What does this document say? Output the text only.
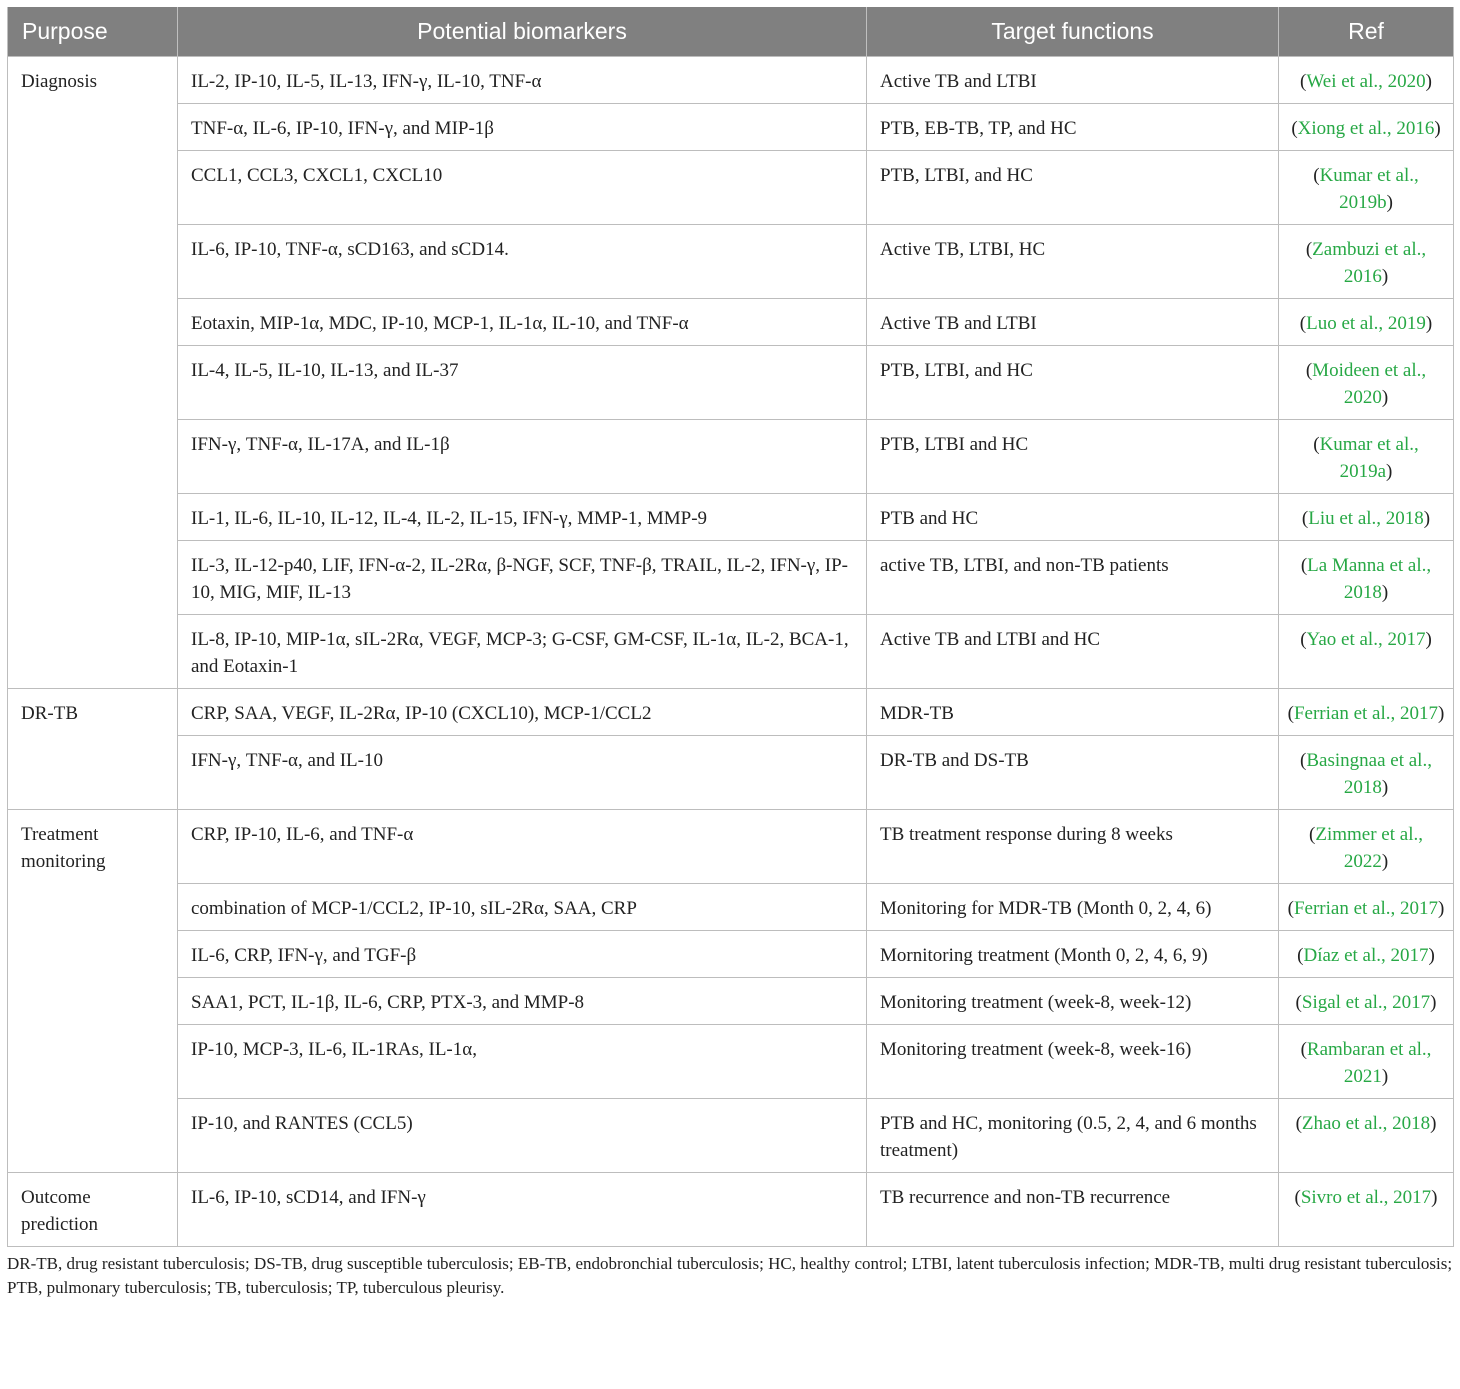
Purpose	Potential biomarkers	Target functions	Ref
Diagnosis	IL-2, IP-10, IL-5, IL-13, IFN-γ, IL-10, TNF-α	Active TB and LTBI	(Wei et al., 2020)
	TNF-α, IL-6, IP-10, IFN-γ, and MIP-1β	PTB, EB-TB, TP, and HC	(Xiong et al., 2016)
	CCL1, CCL3, CXCL1, CXCL10	PTB, LTBI, and HC	(Kumar et al., 2019b)
	IL-6, IP-10, TNF-α, sCD163, and sCD14.	Active TB, LTBI, HC	(Zambuzi et al., 2016)
	Eotaxin, MIP-1α, MDC, IP-10, MCP-1, IL-1α, IL-10, and TNF-α	Active TB and LTBI	(Luo et al., 2019)
	IL-4, IL-5, IL-10, IL-13, and IL-37	PTB, LTBI, and HC	(Moideen et al., 2020)
	IFN-γ, TNF-α, IL-17A, and IL-1β	PTB, LTBI and HC	(Kumar et al., 2019a)
	IL-1, IL-6, IL-10, IL-12, IL-4, IL-2, IL-15, IFN-γ, MMP-1, MMP-9	PTB and HC	(Liu et al., 2018)
	IL-3, IL-12-p40, LIF, IFN-α-2, IL-2Rα, β-NGF, SCF, TNF-β, TRAIL, IL-2, IFN-γ, IP-10, MIG, MIF, IL-13	active TB, LTBI, and non-TB patients	(La Manna et al., 2018)
	IL-8, IP-10, MIP-1α, sIL-2Rα, VEGF, MCP-3; G-CSF, GM-CSF, IL-1α, IL-2, BCA-1, and Eotaxin-1	Active TB and LTBI and HC	(Yao et al., 2017)
DR-TB	CRP, SAA, VEGF, IL-2Rα, IP-10 (CXCL10), MCP-1/CCL2	MDR-TB	(Ferrian et al., 2017)
	IFN-γ, TNF-α, and IL-10	DR-TB and DS-TB	(Basingnaa et al., 2018)
Treatment monitoring	CRP, IP-10, IL-6, and TNF-α	TB treatment response during 8 weeks	(Zimmer et al., 2022)
	combination of MCP-1/CCL2, IP-10, sIL-2Rα, SAA, CRP	Monitoring for MDR-TB (Month 0, 2, 4, 6)	(Ferrian et al., 2017)
	IL-6, CRP, IFN-γ, and TGF-β	Mornitoring treatment (Month 0, 2, 4, 6, 9)	(Díaz et al., 2017)
	SAA1, PCT, IL-1β, IL-6, CRP, PTX-3, and MMP-8	Monitoring treatment (week-8, week-12)	(Sigal et al., 2017)
	IP-10, MCP-3, IL-6, IL-1RAs, IL-1α,	Monitoring treatment (week-8, week-16)	(Rambaran et al., 2021)
	IP-10, and RANTES (CCL5)	PTB and HC, monitoring (0.5, 2, 4, and 6 months treatment)	(Zhao et al., 2018)
Outcome prediction	IL-6, IP-10, sCD14, and IFN-γ	TB recurrence and non-TB recurrence	(Sivro et al., 2017)
DR-TB, drug resistant tuberculosis; DS-TB, drug susceptible tuberculosis; EB-TB, endobronchial tuberculosis; HC, healthy control; LTBI, latent tuberculosis infection; MDR-TB, multi drug resistant tuberculosis; PTB, pulmonary tuberculosis; TB, tuberculosis; TP, tuberculous pleurisy.
